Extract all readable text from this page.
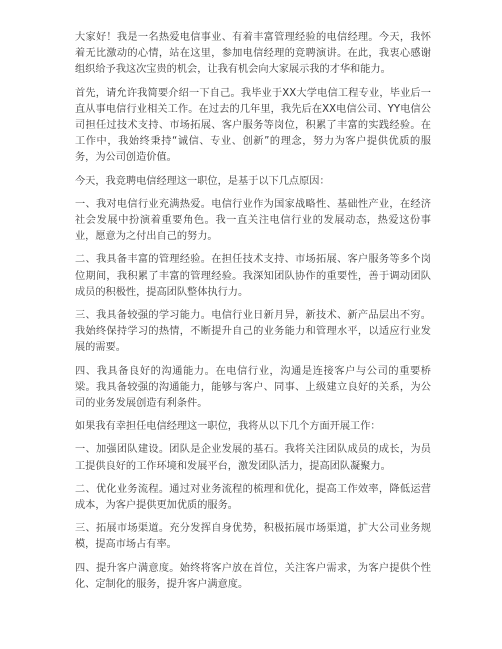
大家好！我是一名热爱电信事业、有着丰富管理经验的电信经理。今天，我怀着无比激动的心情，站在这里，参加电信经理的竞聘演讲。在此，我衷心感谢组织给予我这次宝贵的机会，让我有机会向大家展示我的才华和能力。

首先，请允许我简要介绍一下自己。我毕业于XX大学电信工程专业，毕业后一直从事电信行业相关工作。在过去的几年里，我先后在XX电信公司、YY电信公司担任过技术支持、市场拓展、客户服务等岗位，积累了丰富的实践经验。在工作中，我始终秉持“诚信、专业、创新”的理念，努力为客户提供优质的服务，为公司创造价值。

今天，我竞聘电信经理这一职位，是基于以下几点原因：

一、我对电信行业充满热爱。电信行业作为国家战略性、基础性产业，在经济社会发展中扮演着重要角色。我一直关注电信行业的发展动态，热爱这份事业，愿意为之付出自己的努力。

二、我具备丰富的管理经验。在担任技术支持、市场拓展、客户服务等多个岗位期间，我积累了丰富的管理经验。我深知团队协作的重要性，善于调动团队成员的积极性，提高团队整体执行力。

三、我具备较强的学习能力。电信行业日新月异，新技术、新产品层出不穷。我始终保持学习的热情，不断提升自己的业务能力和管理水平，以适应行业发展的需要。

四、我具备良好的沟通能力。在电信行业，沟通是连接客户与公司的重要桥梁。我具备较强的沟通能力，能够与客户、同事、上级建立良好的关系，为公司的业务发展创造有利条件。

如果我有幸担任电信经理这一职位，我将从以下几个方面开展工作：

一、加强团队建设。团队是企业发展的基石。我将关注团队成员的成长，为员工提供良好的工作环境和发展平台，激发团队活力，提高团队凝聚力。

二、优化业务流程。通过对业务流程的梳理和优化，提高工作效率，降低运营成本，为客户提供更加优质的服务。

三、拓展市场渠道。充分发挥自身优势，积极拓展市场渠道，扩大公司业务规模，提高市场占有率。

四、提升客户满意度。始终将客户放在首位，关注客户需求，为客户提供个性化、定制化的服务，提升客户满意度。
